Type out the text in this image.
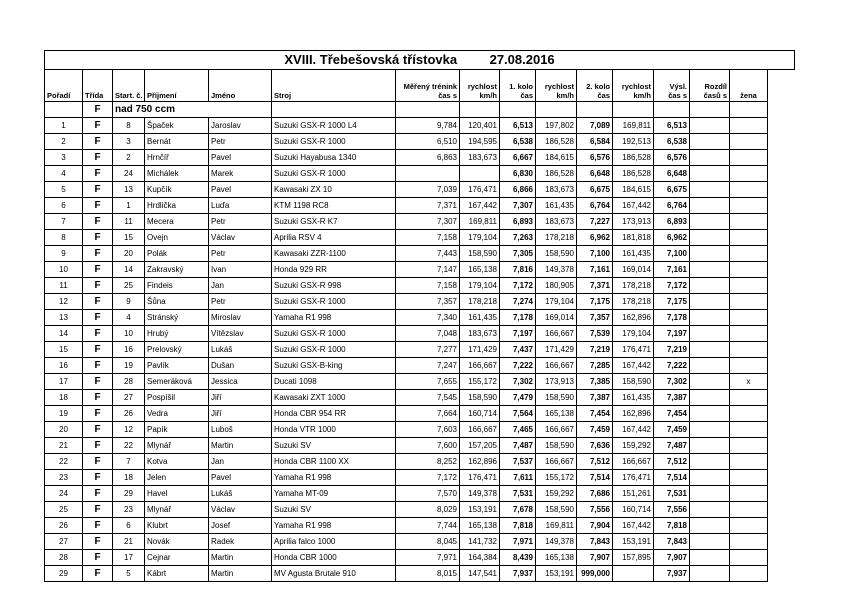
XVIII. Třebešovská třístovka 27.08.2016															
Pořadí	Třída	Start. č.	Příjmení	Jméno	Stroj	Měřený trénink čas s	rychlost km/h	1. kolo čas	rychlost km/h	2. kolo čas	rychlost km/h	Výsl. čas s	Rozdíl časů s	žena	
	F	nad 750 ccm													
1	F	8	Špaček	Jaroslav	Suzuki GSX-R 1000 L4	9,784	120,401	6,513	197,802	7,089	169,811	6,513			
2	F	3	Bernát	Petr	Suzuki GSX-R 1000	6,510	194,595	6,538	186,528	6,584	192,513	6,538			
3	F	2	Hrnčíř	Pavel	Suzuki Hayabusa 1340	6,863	183,673	6,667	184,615	6,576	186,528	6,576			
4	F	24	Michálek	Marek	Suzuki GSX-R 1000			6,830	186,528	6,648	186,528	6,648			
5	F	13	Kupčík	Pavel	Kawasaki ZX 10	7,039	176,471	6,866	183,673	6,675	184,615	6,675			
6	F	1	Hrdlička	Luďa	KTM 1198 RC8	7,371	167,442	7,307	161,435	6,764	167,442	6,764			
7	F	11	Mecera	Petr	Suzuki GSX-R K7	7,307	169,811	6,893	183,673	7,227	173,913	6,893			
8	F	15	Ovejn	Václav	Aprilia RSV 4	7,158	179,104	7,263	178,218	6,962	181,818	6,962			
9	F	20	Polák	Petr	Kawasaki ZZR-1100	7,443	158,590	7,305	158,590	7,100	161,435	7,100			
10	F	14	Zakravský	Ivan	Honda 929 RR	7,147	165,138	7,816	149,378	7,161	169,014	7,161			
11	F	25	Findeis	Jan	Suzuki GSX-R 998	7,158	179,104	7,172	180,905	7,371	178,218	7,172			
12	F	9	Šůna	Petr	Suzuki GSX-R 1000	7,357	178,218	7,274	179,104	7,175	178,218	7,175			
13	F	4	Stránský	Miroslav	Yamaha R1 998	7,340	161,435	7,178	169,014	7,357	162,896	7,178			
14	F	10	Hrubý	Vítězslav	Suzuki GSX-R 1000	7,048	183,673	7,197	166,667	7,539	179,104	7,197			
15	F	16	Prelovský	Lukáš	Suzuki GSX-R 1000	7,277	171,429	7,437	171,429	7,219	176,471	7,219			
16	F	19	Pavlík	Dušan	Suzuki GSX-B-king	7,247	166,667	7,222	166,667	7,285	167,442	7,222			
17	F	28	Semeráková	Jessica	Ducati 1098	7,655	155,172	7,302	173,913	7,385	158,590	7,302		x	
18	F	27	Pospíšil	Jiří	Kawasaki ZXT 1000	7,545	158,590	7,479	158,590	7,387	161,435	7,387			
19	F	26	Vedra	Jiří	Honda CBR 954 RR	7,664	160,714	7,564	165,138	7,454	162,896	7,454			
20	F	12	Papík	Luboš	Honda VTR 1000	7,603	166,667	7,465	166,667	7,459	167,442	7,459			
21	F	22	Mlynář	Martin	Suzuki SV	7,600	157,205	7,487	158,590	7,636	159,292	7,487			
22	F	7	Kotva	Jan	Honda CBR 1100 XX	8,252	162,896	7,537	166,667	7,512	166,667	7,512			
23	F	18	Jelen	Pavel	Yamaha R1 998	7,172	176,471	7,611	155,172	7,514	176,471	7,514			
24	F	29	Havel	Lukáš	Yamaha MT-09	7,570	149,378	7,531	159,292	7,686	151,261	7,531			
25	F	23	Mlynář	Václav	Suzuki SV	8,029	153,191	7,678	158,590	7,556	160,714	7,556			
26	F	6	Klubrt	Josef	Yamaha R1 998	7,744	165,138	7,818	169,811	7,904	167,442	7,818			
27	F	21	Novák	Radek	Aprilia falco 1000	8,045	141,732	7,971	149,378	7,843	153,191	7,843			
28	F	17	Cejnar	Martin	Honda CBR 1000	7,971	164,384	8,439	165,138	7,907	157,895	7,907			
29	F	5	Kábrt	Martin	MV Agusta Brutale 910	8,015	147,541	7,937	153,191	999,000		7,937			
